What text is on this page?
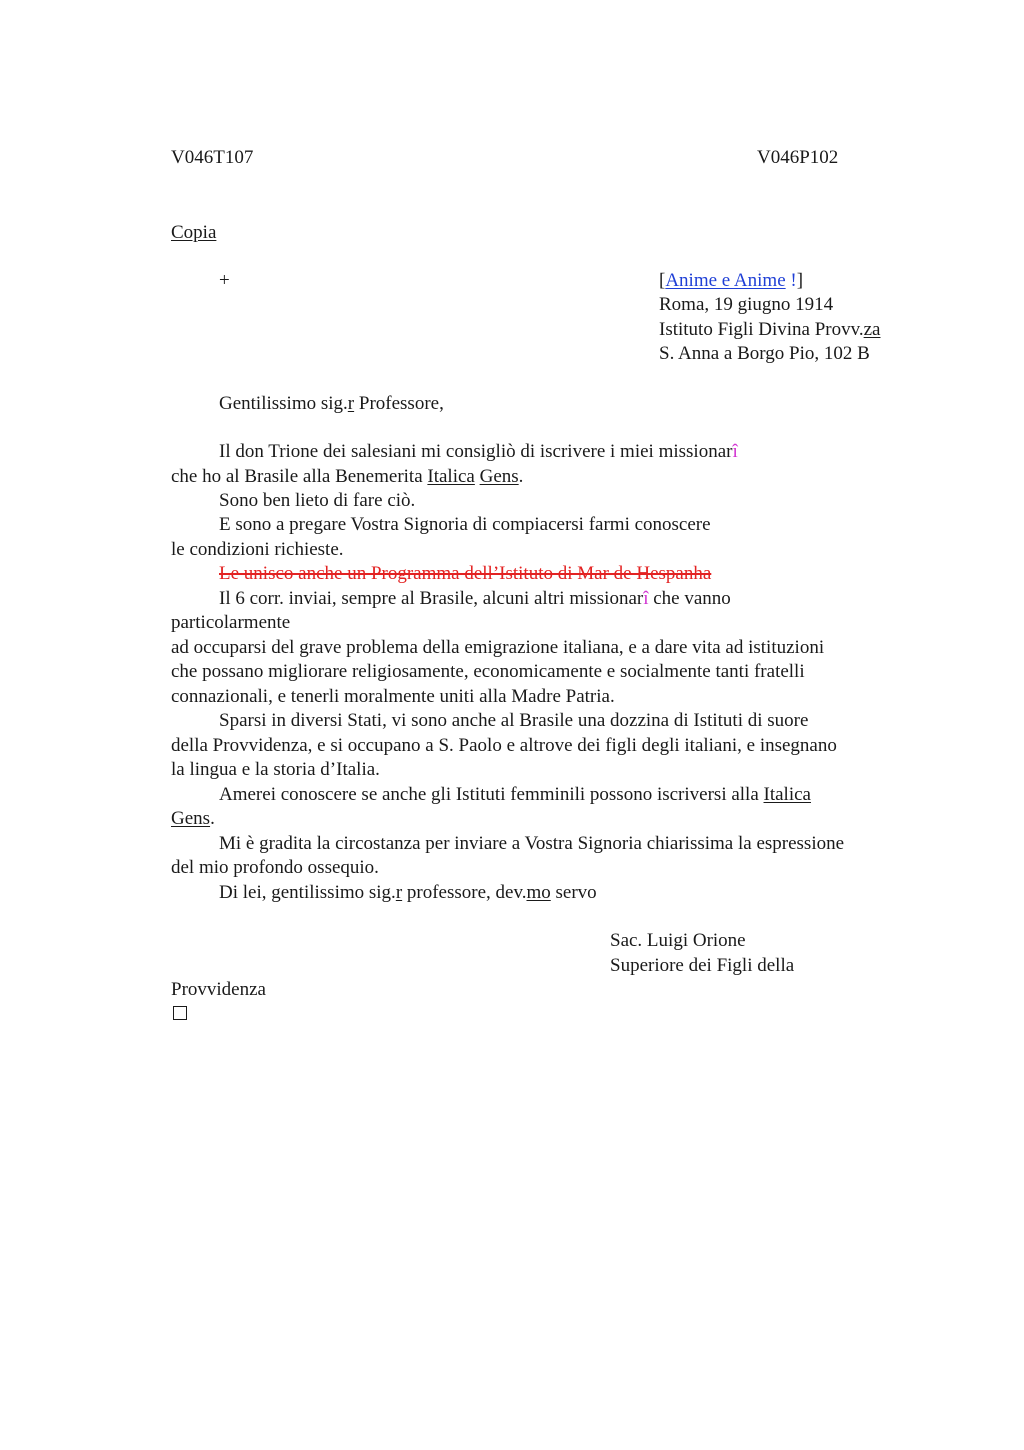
V046T107	V046P102
Copia
+	[Anime e Anime !]
Roma, 19 giugno 1914
Istituto Figli Divina Provv.za
S. Anna a Borgo Pio, 102 B
Gentilissimo sig.r Professore,
Il don Trione dei salesiani mi consigliò di iscrivere i miei missionarî
che ho al Brasile alla Benemerita Italica Gens.
Sono ben lieto di fare ciò.
E sono a pregare Vostra Signoria di compiacersi farmi conoscere
le condizioni richieste.
Le unisco anche un Programma dell’Istituto di Mar de Hespanha
Il 6 corr. inviai, sempre al Brasile, alcuni altri missionarî che vanno
particolarmente
ad occuparsi del grave problema della emigrazione italiana, e a dare vita ad istituzioni
che possano migliorare religiosamente, economicamente e socialmente tanti fratelli
connazionali, e tenerli moralmente uniti alla Madre Patria.
Sparsi in diversi Stati, vi sono anche al Brasile una dozzina di Istituti di suore
della Provvidenza, e si occupano a S. Paolo e altrove dei figli degli italiani, e insegnano
la lingua e la storia d’Italia.
Amerei conoscere se anche gli Istituti femminili possono iscriversi alla Italica
Gens.
Mi è gradita la circostanza per inviare a Vostra Signoria chiarissima la espressione
del mio profondo ossequio.
Di lei, gentilissimo sig.r professore, dev.mo servo
Sac. Luigi Orione
Superiore dei Figli della
Provvidenza
